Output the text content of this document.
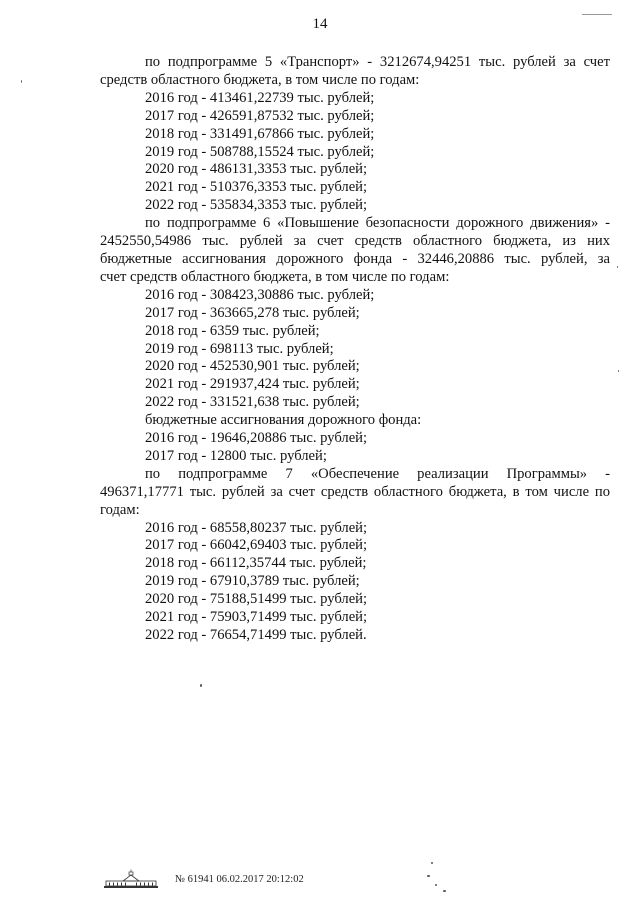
14
по подпрограмме 5 «Транспорт» - 3212674,94251 тыс. рублей за счет
средств областного бюджета, в том числе по годам:
2016 год - 413461,22739 тыс. рублей;
2017 год - 426591,87532 тыс. рублей;
2018 год - 331491,67866 тыс. рублей;
2019 год - 508788,15524 тыс. рублей;
2020 год - 486131,3353 тыс. рублей;
2021 год - 510376,3353 тыс. рублей;
2022 год - 535834,3353 тыс. рублей;
по подпрограмме 6 «Повышение безопасности дорожного движения» -
2452550,54986 тыс. рублей за счет средств областного бюджета, из них
бюджетные ассигнования дорожного фонда - 32446,20886 тыс. рублей, за
счет средств областного бюджета, в том числе по годам:
2016 год - 308423,30886 тыс. рублей;
2017 год - 363665,278 тыс. рублей;
2018 год - 6359 тыс. рублей;
2019 год - 698113 тыс. рублей;
2020 год - 452530,901 тыс. рублей;
2021 год - 291937,424 тыс. рублей;
2022 год - 331521,638 тыс. рублей;
бюджетные ассигнования дорожного фонда:
2016 год - 19646,20886 тыс. рублей;
2017 год - 12800 тыс. рублей;
по подпрограмме 7 «Обеспечение реализации Программы» -
496371,17771 тыс. рублей за счет средств областного бюджета, в том числе по
годам:
2016 год - 68558,80237 тыс. рублей;
2017 год - 66042,69403 тыс. рублей;
2018 год - 66112,35744 тыс. рублей;
2019 год - 67910,3789 тыс. рублей;
2020 год - 75188,51499 тыс. рублей;
2021 год - 75903,71499 тыс. рублей;
2022 год - 76654,71499 тыс. рублей.
№ 61941 06.02.2017 20:12:02
